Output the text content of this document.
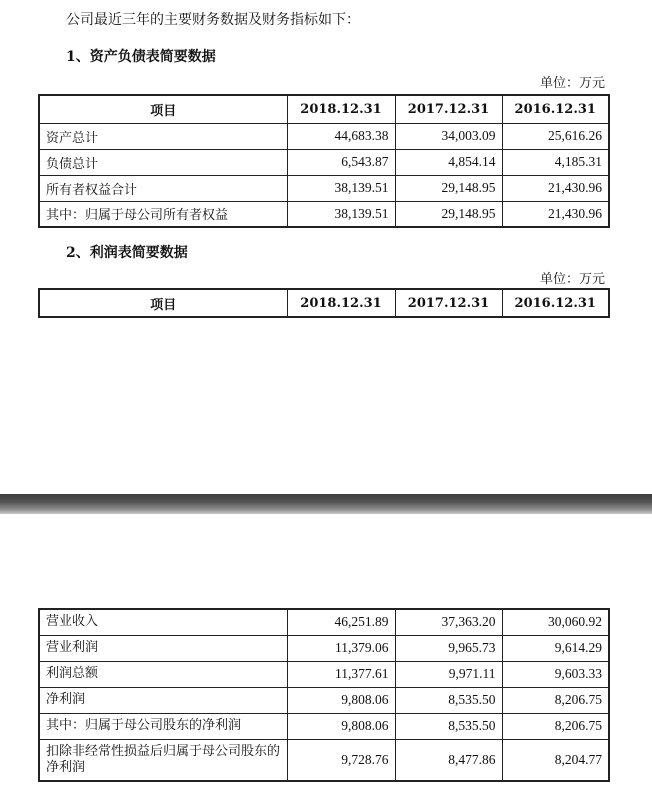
公司最近三年的主要财务数据及财务指标如下：
1、资产负债表简要数据
单位：万元
项目	2018.12.31	2017.12.31	2016.12.31
资产总计	44,683.38	34,003.09	25,616.26
负债总计	6,543.87	4,854.14	4,185.31
所有者权益合计	38,139.51	29,148.95	21,430.96
其中：归属于母公司所有者权益	38,139.51	29,148.95	21,430.96
2、利润表简要数据
单位：万元
项目	2018.12.31	2017.12.31	2016.12.31
营业收入	46,251.89	37,363.20	30,060.92
营业利润	11,379.06	9,965.73	9,614.29
利润总额	11,377.61	9,971.11	9,603.33
净利润	9,808.06	8,535.50	8,206.75
其中：归属于母公司股东的净利润	9,808.06	8,535.50	8,206.75
扣除非经常性损益后归属于母公司股东的净利润	9,728.76	8,477.86	8,204.77
